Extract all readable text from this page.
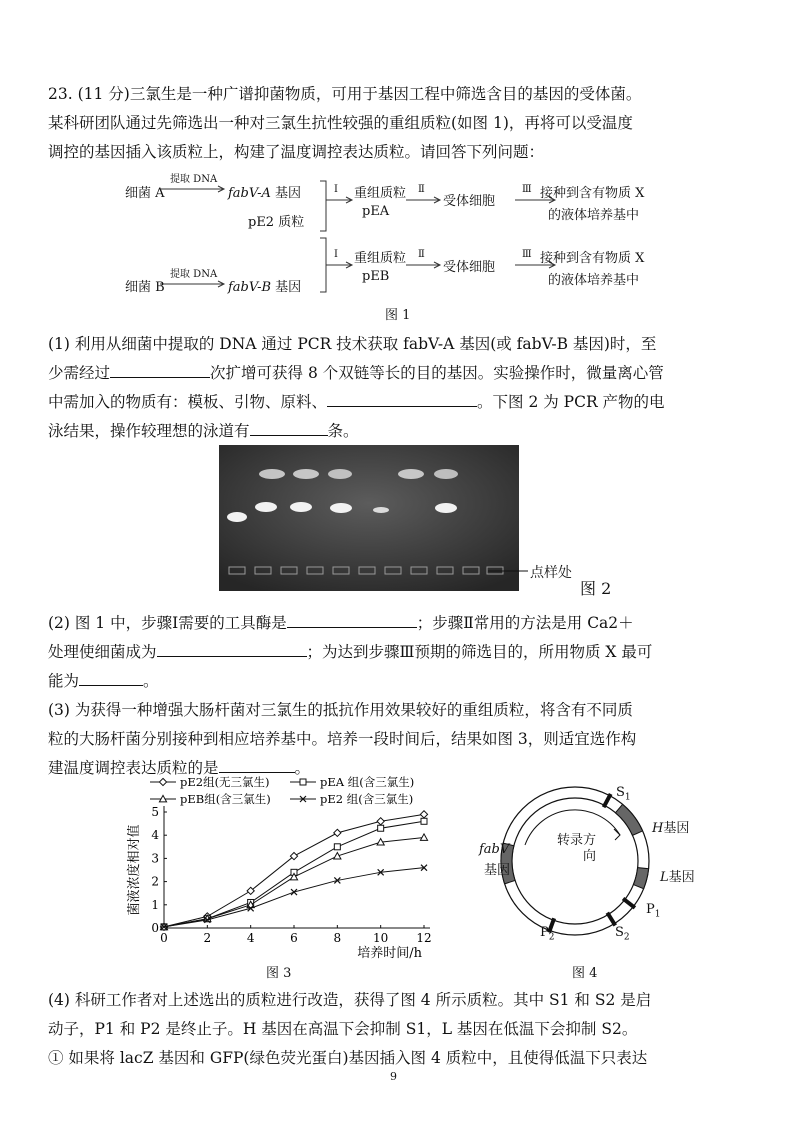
23. (11 分)三氯生是一种广谱抑菌物质，可用于基因工程中筛选含目的基因的受体菌。
某科研团队通过先筛选出一种对三氯生抗性较强的重组质粒(如图 1)，再将可以受温度
调控的基因插入该质粒上，构建了温度调控表达质粒。请回答下列问题：
细菌 A
提取 DNA
fabV-A 基因
pE2 质粒
Ⅰ 重组质粒
pEA
Ⅱ
受体细胞
Ⅲ 接种到含有物质 X
的液体培养基中
细菌 B
提取 DNA
fabV-B 基因
Ⅰ 重组质粒
pEB
Ⅱ
受体细胞
Ⅲ 接种到含有物质 X
的液体培养基中
图 1
(1) 利用从细菌中提取的 DNA 通过 PCR 技术获取 fabV-A 基因(或 fabV-B 基因)时，至
少需经过	次扩增可获得 8 个双链等长的目的基因。实验操作时，微量离心管
中需加入的物质有：模板、引物、原料、	。下图 2 为 PCR 产物的电
泳结果，操作较理想的泳道有	条。
点样处
图 2
(2) 图 1 中，步骤Ⅰ需要的工具酶是	；步骤Ⅱ常用的方法是用 Ca2＋
处理使细菌成为	；为达到步骤Ⅲ预期的筛选目的，所用物质 X 最可
能为	。
(3) 为获得一种增强大肠杆菌对三氯生的抵抗作用效果较好的重组质粒，将含有不同质
粒的大肠杆菌分别接种到相应培养基中。培养一段时间后，结果如图 3，则适宜选作构
建温度调控表达质粒的是	。
0	2	4	6	8	10 12
0
1
2
3
4
5
培养时间/h
菌液浓度相对值
pE2组(无三氯生)	pEA 组(含三氯生)
pEB组(含三氯生)	pE2 组(含三氯生)
图 3
$S_1$
H基因
L基因
$P_1$
$S_2$
$P_2$
fabV
基因
转录方
向
图 4
(4) 科研工作者对上述选出的质粒进行改造，获得了图 4 所示质粒。其中 S1 和 S2 是启
动子，P1 和 P2 是终止子。H 基因在高温下会抑制 S1，L 基因在低温下会抑制 S2。
① 如果将 lacZ 基因和 GFP(绿色荧光蛋白)基因插入图 4 质粒中，且使得低温下只表达
9
